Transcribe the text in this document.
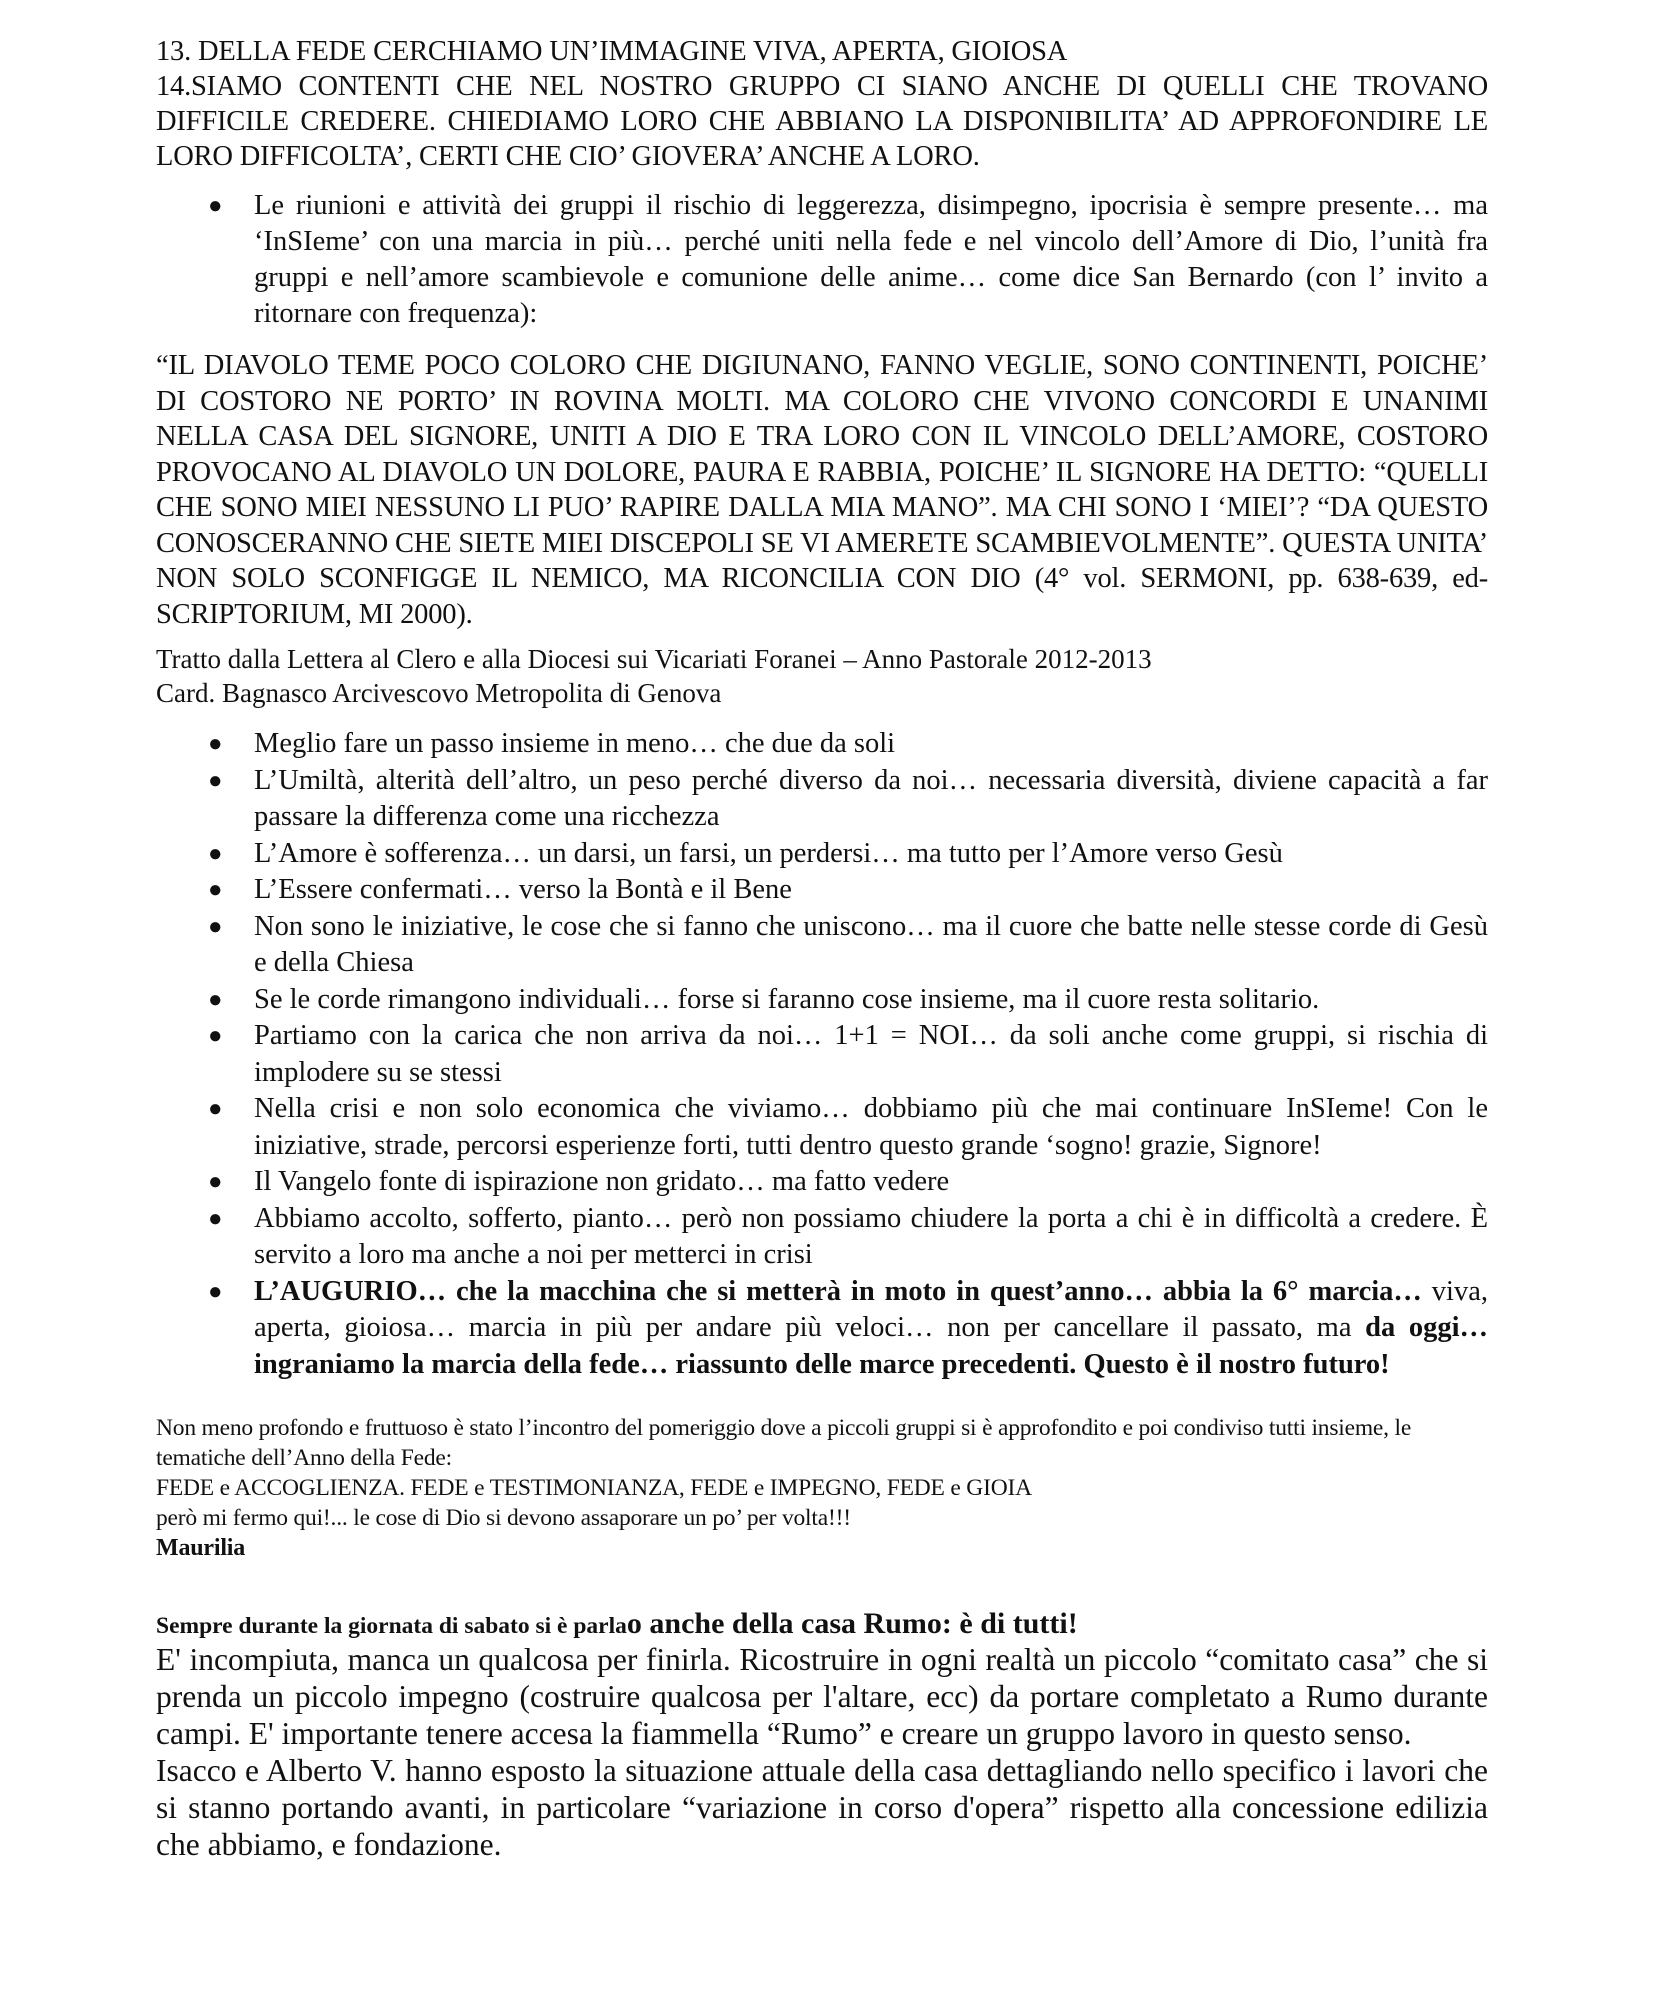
13. DELLA FEDE CERCHIAMO UN’IMMAGINE VIVA, APERTA, GIOIOSA

14.SIAMO CONTENTI CHE NEL NOSTRO GRUPPO CI SIANO ANCHE DI QUELLI CHE TROVANO DIFFICILE CREDERE. CHIEDIAMO LORO CHE ABBIANO LA DISPONIBILITA’ AD APPROFONDIRE LE LORO DIFFICOLTA’, CERTI CHE CIO’ GIOVERA’ ANCHE A LORO.

● Le riunioni e attività dei gruppi il rischio di leggerezza, disimpegno, ipocrisia è sempre presente… ma ‘InSIeme’ con una marcia in più… perché uniti nella fede e nel vincolo dell’Amore di Dio, l’unità fra gruppi e nell’amore scambievole e comunione delle anime… come dice San Bernardo (con l’ invito a ritornare con frequenza):
“IL DIAVOLO TEME POCO COLORO CHE DIGIUNANO, FANNO VEGLIE, SONO CONTINENTI, POICHE’ DI COSTORO NE PORTO’ IN ROVINA MOLTI. MA COLORO CHE VIVONO CONCORDI E UNANIMI NELLA CASA DEL SIGNORE, UNITI A DIO E TRA LORO CON IL VINCOLO DELL’AMORE, COSTORO PROVOCANO AL DIAVOLO UN DOLORE, PAURA E RABBIA, POICHE’ IL SIGNORE HA DETTO: “QUELLI CHE SONO MIEI NESSUNO LI PUO’ RAPIRE DALLA MIA MANO”. MA CHI SONO I ‘MIEI’? “DA QUESTO CONOSCERANNO CHE SIETE MIEI DISCEPOLI SE VI AMERETE SCAMBIEVOLMENTE”. QUESTA UNITA’ NON SOLO SCONFIGGE IL NEMICO, MA RICONCILIA CON DIO (4° vol. SERMONI, pp. 638-639, ed- SCRIPTORIUM, MI 2000).
Tratto dalla Lettera al Clero e alla Diocesi sui Vicariati Foranei – Anno Pastorale 2012-2013
Card. Bagnasco Arcivescovo Metropolita di Genova
● Meglio fare un passo insieme in meno… che due da soli
● L’Umiltà, alterità dell’altro, un peso perché diverso da noi… necessaria diversità, diviene capacità a far passare la differenza come una ricchezza
● L’Amore è sofferenza… un darsi, un farsi, un perdersi… ma tutto per l’Amore verso Gesù
● L’Essere confermati… verso la Bontà e il Bene
● Non sono le iniziative, le cose che si fanno che uniscono… ma il cuore che batte nelle stesse corde di Gesù e della Chiesa
● Se le corde rimangono individuali… forse si faranno cose insieme, ma il cuore resta solitario.
● Partiamo con la carica che non arriva da noi… 1+1 = NOI… da soli anche come gruppi, si rischia di implodere su se stessi
● Nella crisi e non solo economica che viviamo… dobbiamo più che mai continuare InSIeme! Con le iniziative, strade, percorsi esperienze forti, tutti dentro questo grande ‘sogno! grazie, Signore!
● Il Vangelo fonte di ispirazione non gridato… ma fatto vedere
● Abbiamo accolto, sofferto, pianto… però non possiamo chiudere la porta a chi è in difficoltà a credere. È servito a loro ma anche a noi per metterci in crisi
● L’AUGURIO… che la macchina che si metterà in moto in quest’anno… abbia la 6° marcia… viva, aperta, gioiosa… marcia in più per andare più veloci… non per cancellare il passato, ma da oggi… ingraniamo la marcia della fede… riassunto delle marce precedenti. Questo è il nostro futuro!

Non meno profondo e fruttuoso è stato l’incontro del pomeriggio dove a piccoli gruppi si è approfondito e poi condiviso tutti insieme, le tematiche dell’Anno della Fede:

FEDE e ACCOGLIENZA. FEDE e TESTIMONIANZA, FEDE e IMPEGNO, FEDE e GIOIA

però mi fermo qui!... le cose di Dio si devono assaporare un po’ per volta!!!

Maurilia

Sempre durante la giornata di sabato si è parlao anche della casa Rumo: è di tutti!

E' incompiuta, manca un qualcosa per finirla. Ricostruire in ogni realtà un piccolo “comitato casa” che si prenda un piccolo impegno (costruire qualcosa per l'altare, ecc) da portare completato a Rumo durante campi. E' importante tenere accesa la fiammella “Rumo” e creare un gruppo lavoro in questo senso.

Isacco e Alberto V. hanno esposto la situazione attuale della casa dettagliando nello specifico i lavori che si stanno portando avanti, in particolare “variazione in corso d'opera” rispetto alla concessione edilizia che abbiamo, e fondazione.
